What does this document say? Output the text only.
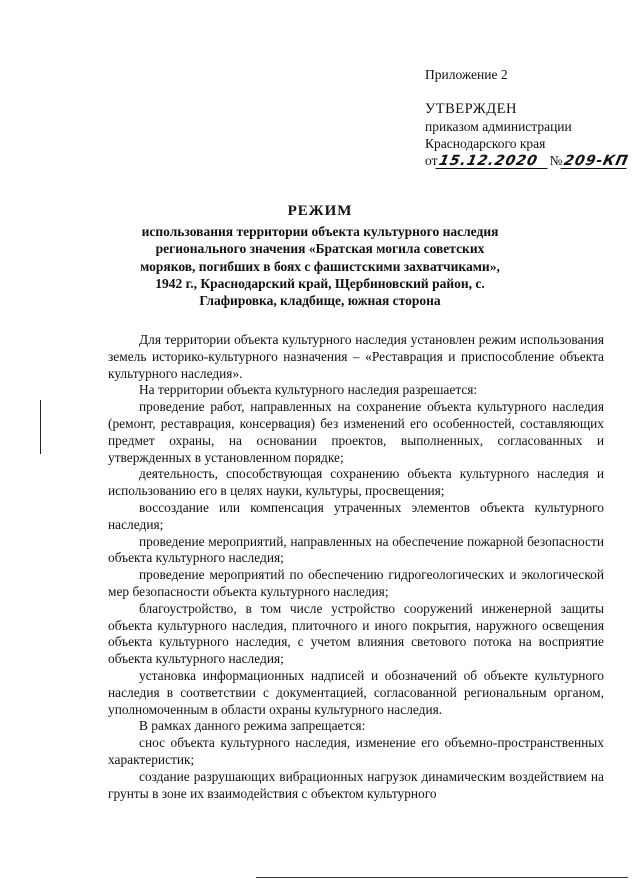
Приложение 2
УТВЕРЖДЕН
приказом администрации
Краснодарского края
от 15.12.2020 № 209-КП
РЕЖИМ
использования территории объекта культурного наследия регионального значения «Братская могила советских моряков, погибших в боях с фашистскими захватчиками», 1942 г., Краснодарский край, Щербиновский район, с. Глафировка, кладбище, южная сторона

Для территории объекта культурного наследия установлен режим использования земель историко-культурного назначения – «Реставрация и приспособление объекта культурного наследия».

На территории объекта культурного наследия разрешается:

проведение работ, направленных на сохранение объекта культурного наследия (ремонт, реставрация, консервация) без изменений его особенностей, составляющих предмет охраны, на основании проектов, выполненных, согласованных и утвержденных в установленном порядке;

деятельность, способствующая сохранению объекта культурного наследия и использованию его в целях науки, культуры, просвещения;

воссоздание или компенсация утраченных элементов объекта культурного наследия;

проведение мероприятий, направленных на обеспечение пожарной безопасности объекта культурного наследия;

проведение мероприятий по обеспечению гидрогеологических и экологической мер безопасности объекта культурного наследия;

благоустройство, в том числе устройство сооружений инженерной защиты объекта культурного наследия, плиточного и иного покрытия, наружного освещения объекта культурного наследия, с учетом влияния светового потока на восприятие объекта культурного наследия;

установка информационных надписей и обозначений об объекте культурного наследия в соответствии с документацией, согласованной региональным органом, уполномоченным в области охраны культурного наследия.

В рамках данного режима запрещается:

снос объекта культурного наследия, изменение его объемно-пространственных характеристик;

создание разрушающих вибрационных нагрузок динамическим воздействием на грунты в зоне их взаимодействия с объектом культурного
